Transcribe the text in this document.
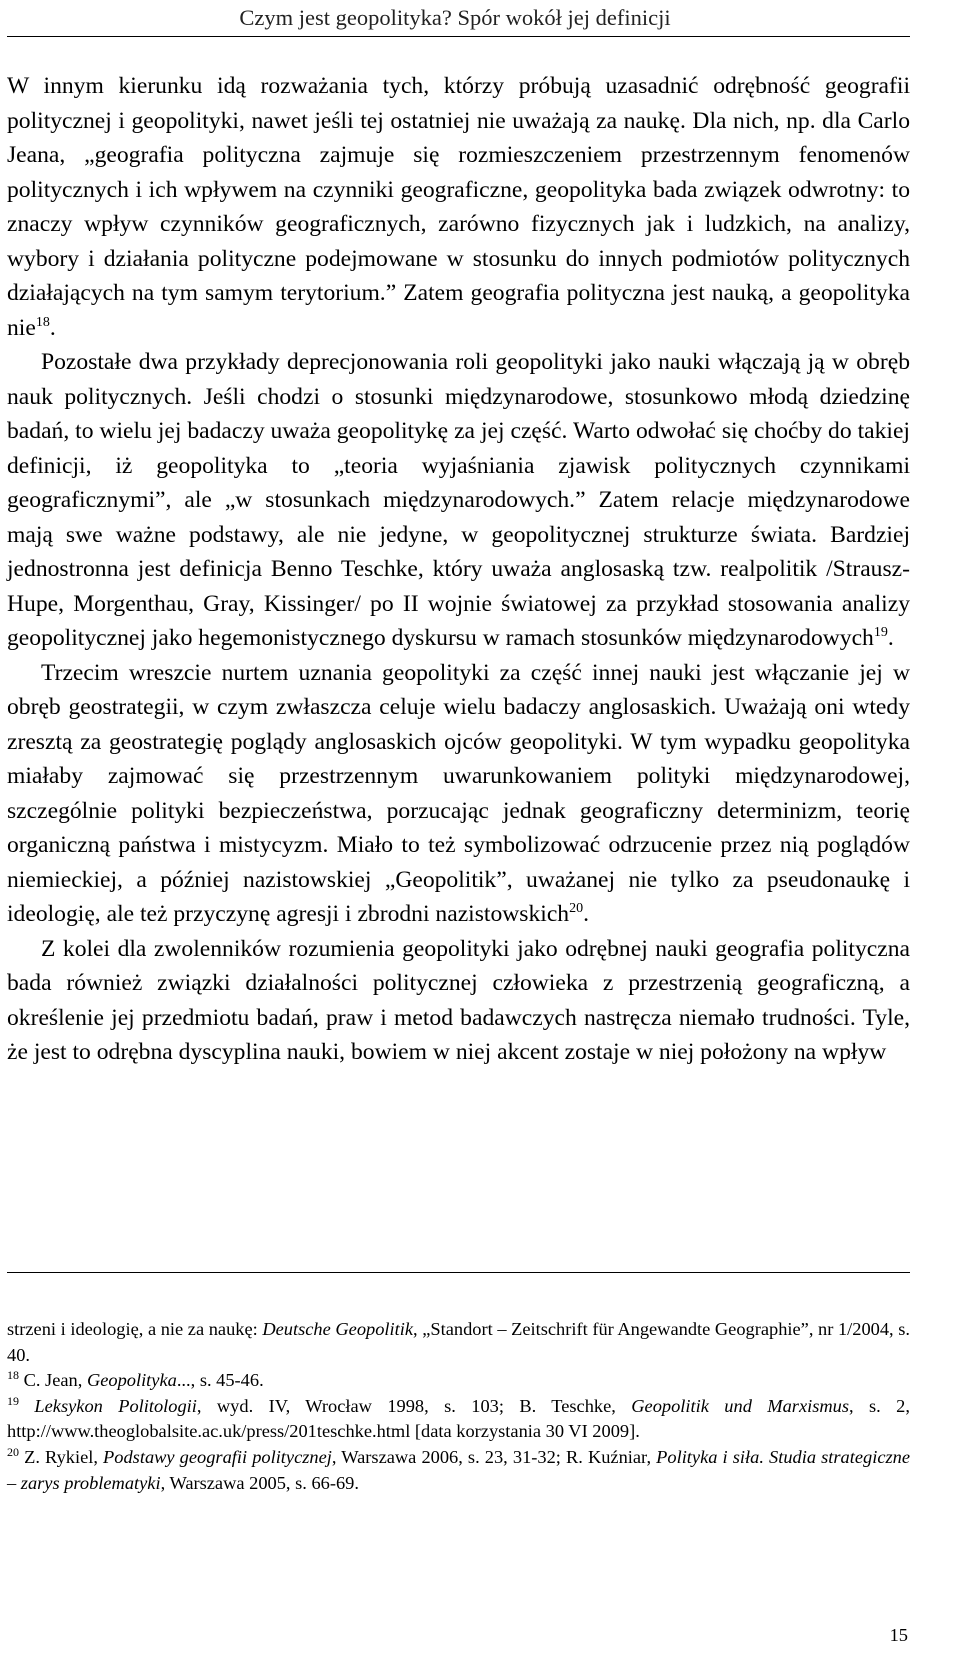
Czym jest geopolityka? Spór wokół jej definicji

W innym kierunku idą rozważania tych, którzy próbują uzasadnić odrębność geografii politycznej i geopolityki, nawet jeśli tej ostatniej nie uważają za naukę. Dla nich, np. dla Carlo Jeana, „geografia polityczna zajmuje się rozmieszczeniem przestrzennym fenomenów politycznych i ich wpływem na czynniki geograficzne, geopolityka bada związek odwrotny: to znaczy wpływ czynników geograficznych, zarówno fizycznych jak i ludzkich, na analizy, wybory i działania polityczne podejmowane w stosunku do innych podmiotów politycznych działających na tym samym terytorium.” Zatem geografia polityczna jest nauką, a geopolityka nie$^{18}$.

Pozostałe dwa przykłady deprecjonowania roli geopolityki jako nauki włączają ją w obręb nauk politycznych. Jeśli chodzi o stosunki międzynarodowe, stosunkowo młodą dziedzinę badań, to wielu jej badaczy uważa geopolitykę za jej część. Warto odwołać się choćby do takiej definicji, iż geopolityka to „teoria wyjaśniania zjawisk politycznych czynnikami geograficznymi”, ale „w stosunkach międzynarodowych.” Zatem relacje międzynarodowe mają swe ważne podstawy, ale nie jedyne, w geopolitycznej strukturze świata. Bardziej jednostronna jest definicja Benno Teschke, który uważa anglosaską tzw. realpolitik /Strausz-Hupe, Morgenthau, Gray, Kissinger/ po II wojnie światowej za przykład stosowania analizy geopolitycznej jako hegemonistycznego dyskursu w ramach stosunków międzynarodowych$^{19}$.

Trzecim wreszcie nurtem uznania geopolityki za część innej nauki jest włączanie jej w obręb geostrategii, w czym zwłaszcza celuje wielu badaczy anglosaskich. Uważają oni wtedy zresztą za geostrategię poglądy anglosaskich ojców geopolityki. W tym wypadku geopolityka miałaby zajmować się przestrzennym uwarunkowaniem polityki międzynarodowej, szczególnie polityki bezpieczeństwa, porzucając jednak geograficzny determinizm, teorię organiczną państwa i mistycyzm. Miało to też symbolizować odrzucenie przez nią poglądów niemieckiej, a później nazistowskiej „Geopolitik”, uważanej nie tylko za pseudonaukę i ideologię, ale też przyczynę agresji i zbrodni nazistowskich$^{20}$.

Z kolei dla zwolenników rozumienia geopolityki jako odrębnej nauki geografia polityczna bada również związki działalności politycznej człowieka z przestrzenią geograficzną, a określenie jej przedmiotu badań, praw i metod badawczych nastręcza niemało trudności. Tyle, że jest to odrębna dyscyplina nauki, bowiem w niej akcent zostaje w niej położony na wpływ

strzeni i ideologię, a nie za naukę: Deutsche Geopolitik, „Standort – Zeitschrift für Angewandte Geographie”, nr 1/2004, s. 40.

$^{18}$ C. Jean, Geopolityka..., s. 45-46.

$^{19}$ Leksykon Politologii, wyd. IV, Wrocław 1998, s. 103; B. Teschke, Geopolitik und Marxismus, s. 2, http://www.theoglobalsite.ac.uk/press/201teschke.html [data korzystania 30 VI 2009].

$^{20}$ Z. Rykiel, Podstawy geografii politycznej, Warszawa 2006, s. 23, 31-32; R. Kuźniar, Polityka i siła. Studia strategiczne – zarys problematyki, Warszawa 2005, s. 66-69.

15
